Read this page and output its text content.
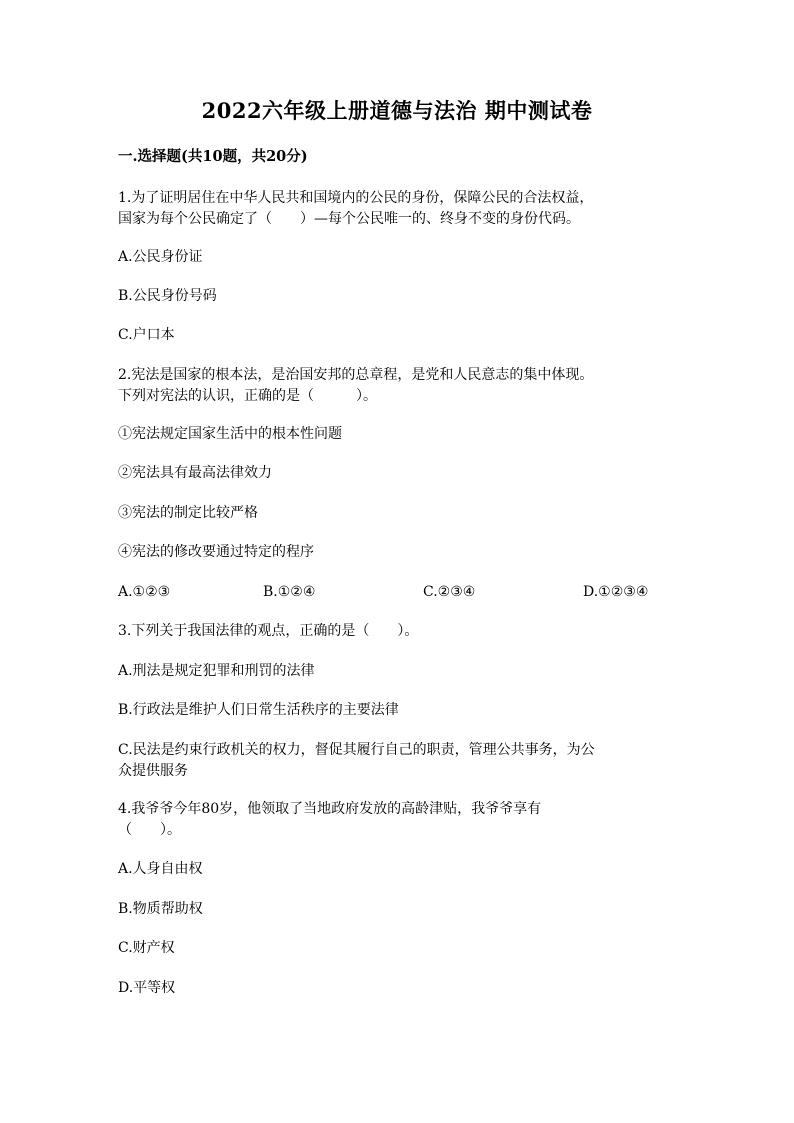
2022六年级上册道德与法治 期中测试卷
一.选择题(共10题，共20分)
1.为了证明居住在中华人民共和国境内的公民的身份，保障公民的合法权益，
国家为每个公民确定了（　　）—每个公民唯一的、终身不变的身份代码。
A.公民身份证
B.公民身份号码
C.户口本
2.宪法是国家的根本法，是治国安邦的总章程，是党和人民意志的集中体现。
下列对宪法的认识，正确的是（　　　）。
①宪法规定国家生活中的根本性问题
②宪法具有最高法律效力
③宪法的制定比较严格
④宪法的修改要通过特定的程序
A.①②③	B.①②④	C.②③④	D.①②③④
3.下列关于我国法律的观点，正确的是（　　）。
A.刑法是规定犯罪和刑罚的法律
B.行政法是维护人们日常生活秩序的主要法律
C.民法是约束行政机关的权力，督促其履行自己的职责，管理公共事务，为公
众提供服务
4.我爷爷今年80岁，他领取了当地政府发放的高龄津贴，我爷爷享有
（　　）。
A.人身自由权
B.物质帮助权
C.财产权
D.平等权
